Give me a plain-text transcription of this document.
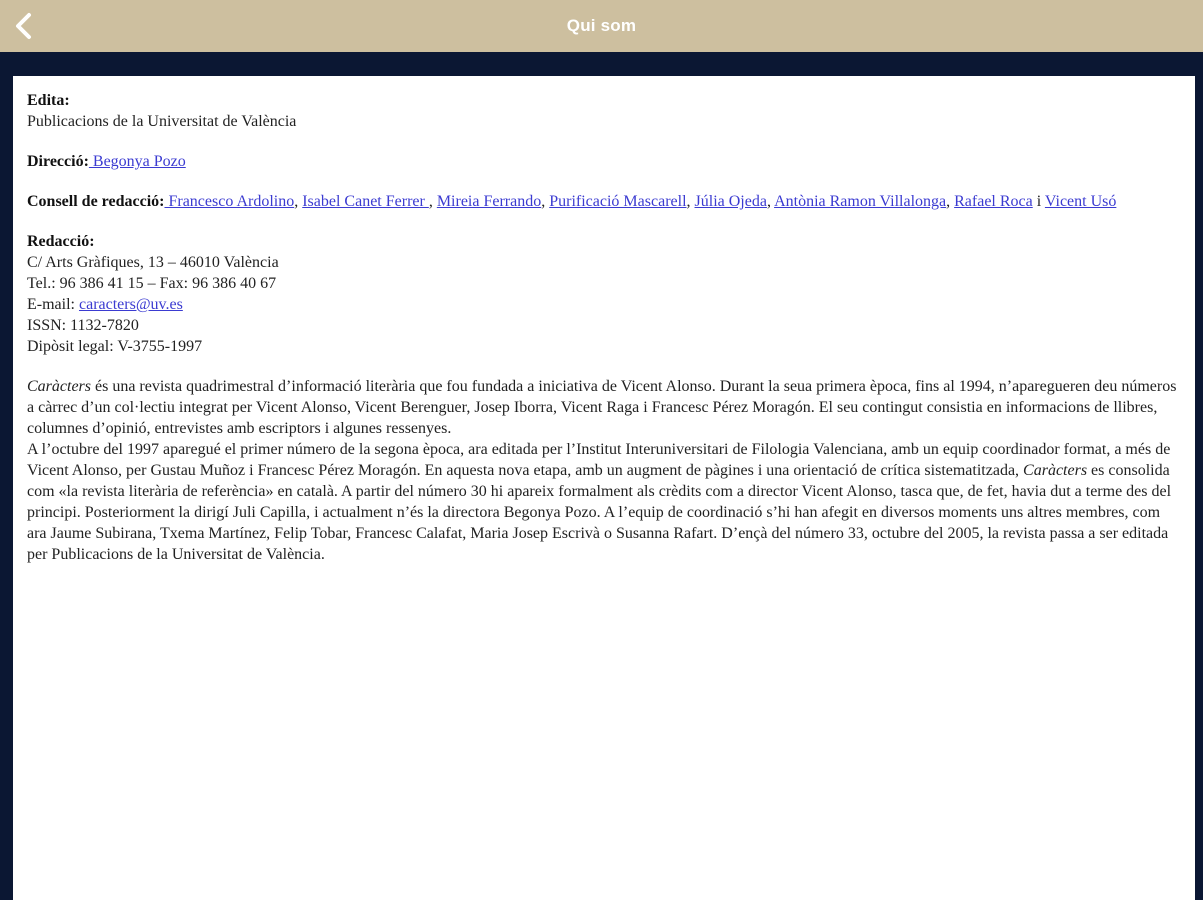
Qui som

Edita:
Publicacions de la Universitat de València

Direcció: Begonya Pozo

Consell de redacció: Francesco Ardolino, Isabel Canet Ferrer , Mireia Ferrando, Purificació Mascarell, Júlia Ojeda, Antònia Ramon Villalonga, Rafael Roca i Vicent Usó

Redacció:
C/ Arts Gràfiques, 13 – 46010 València
Tel.: 96 386 41 15 – Fax: 96 386 40 67
E-mail: caracters@uv.es
ISSN: 1132-7820
Dipòsit legal: V-3755-1997

Caràcters és una revista quadrimestral d’informació literària que fou fundada a iniciativa de Vicent Alonso. Durant la seua primera època, fins al 1994, n’aparegueren deu números a càrrec d’un col·lectiu integrat per Vicent Alonso, Vicent Berenguer, Josep Iborra, Vicent Raga i Francesc Pérez Moragón. El seu contingut consistia en informacions de llibres, columnes d’opinió, entrevistes amb escriptors i algunes ressenyes.
A l’octubre del 1997 aparegué el primer número de la segona època, ara editada per l’Institut Interuniversitari de Filologia Valenciana, amb un equip coordinador format, a més de Vicent Alonso, per Gustau Muñoz i Francesc Pérez Moragón. En aquesta nova etapa, amb un augment de pàgines i una orientació de crítica sistematitzada, Caràcters es consolida com «la revista literària de referència» en català. A partir del número 30 hi apareix formalment als crèdits com a director Vicent Alonso, tasca que, de fet, havia dut a terme des del principi. Posteriorment la dirigí Juli Capilla, i actualment n’és la directora Begonya Pozo. A l’equip de coordinació s’hi han afegit en diversos moments uns altres membres, com ara Jaume Subirana, Txema Martínez, Felip Tobar, Francesc Calafat, Maria Josep Escrivà o Susanna Rafart. D’ençà del número 33, octubre del 2005, la revista passa a ser editada per Publicacions de la Universitat de València.
